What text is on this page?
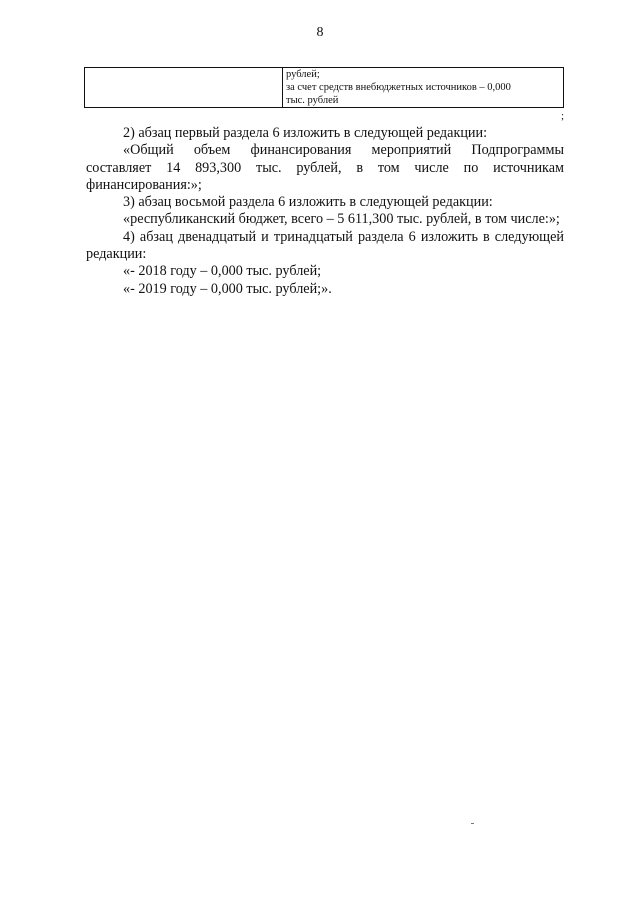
8

рублей;
за счет средств внебюджетных источников – 0,000
тыс. рублей
;

2) абзац первый раздела 6 изложить в следующей редакции:

«Общий объем финансирования мероприятий Подпрограммы

составляет 14 893,300 тыс. рублей, в том числе по источникам

финансирования:»;

3) абзац восьмой раздела 6 изложить в следующей редакции:

«республиканский бюджет, всего – 5 611,300 тыс. рублей, в том числе:»;

4) абзац двенадцатый и тринадцатый раздела 6 изложить в следующей

редакции:

«- 2018 году – 0,000 тыс. рублей;

«- 2019 году – 0,000 тыс. рублей;».
